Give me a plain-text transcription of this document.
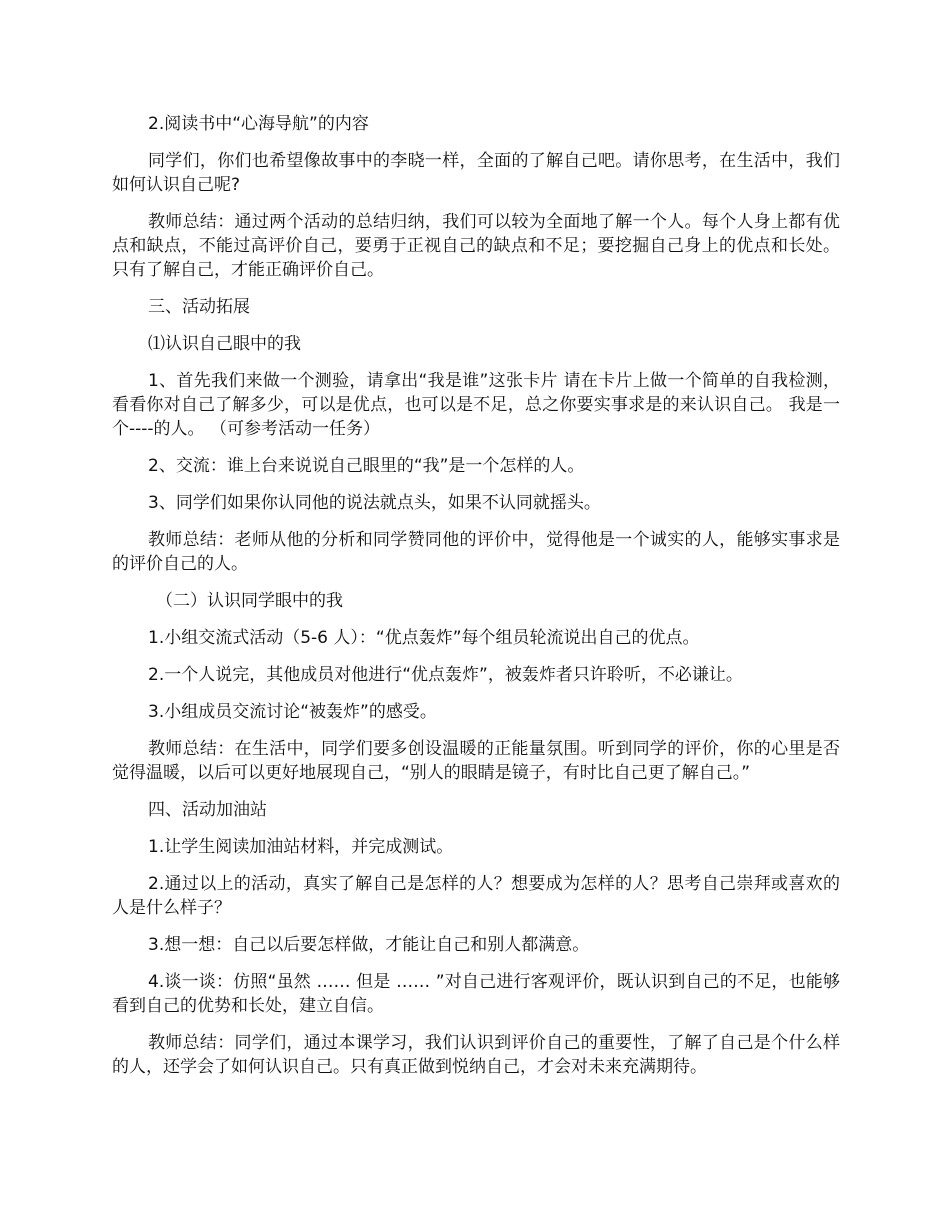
2.阅读书中“心海导航”的内容

同学们，你们也希望像故事中的李晓一样，全面的了解自己吧。请你思考，在生活中，我们如何认识自己呢?

教师总结：通过两个活动的总结归纳，我们可以较为全面地了解一个人。每个人身上都有优点和缺点，不能过高评价自己，要勇于正视自己的缺点和不足；要挖掘自己身上的优点和长处。只有了解自己，才能正确评价自己。

三、活动拓展

⑴认识自己眼中的我

1、首先我们来做一个测验，请拿出“我是谁”这张卡片 请在卡片上做一个简单的自我检测，看看你对自己了解多少，可以是优点，也可以是不足，总之你要实事求是的来认识自己。 我是一个----的人。 （可参考活动一任务）

2、交流：谁上台来说说自己眼里的“我”是一个怎样的人。

3、同学们如果你认同他的说法就点头，如果不认同就摇头。

教师总结：老师从他的分析和同学赞同他的评价中，觉得他是一个诚实的人，能够实事求是的评价自己的人。

（二）认识同学眼中的我

1.小组交流式活动（5-6 人）：“优点轰炸”每个组员轮流说出自己的优点。

2.一个人说完，其他成员对他进行“优点轰炸”，被轰炸者只许聆听，不必谦让。

3.小组成员交流讨论“被轰炸”的感受。

教师总结：在生活中，同学们要多创设温暖的正能量氛围。听到同学的评价，你的心里是否觉得温暖，以后可以更好地展现自己，“别人的眼睛是镜子，有时比自己更了解自己。”

四、活动加油站

1.让学生阅读加油站材料，并完成测试。

2.通过以上的活动，真实了解自己是怎样的人？想要成为怎样的人？思考自己崇拜或喜欢的人是什么样子？

3.想一想：自己以后要怎样做，才能让自己和别人都满意。

4.谈一谈：仿照“虽然 …… 但是 …… ”对自己进行客观评价，既认识到自己的不足，也能够看到自己的优势和长处，建立自信。

教师总结：同学们，通过本课学习，我们认识到评价自己的重要性，了解了自己是个什么样的人，还学会了如何认识自己。只有真正做到悦纳自己，才会对未来充满期待。
